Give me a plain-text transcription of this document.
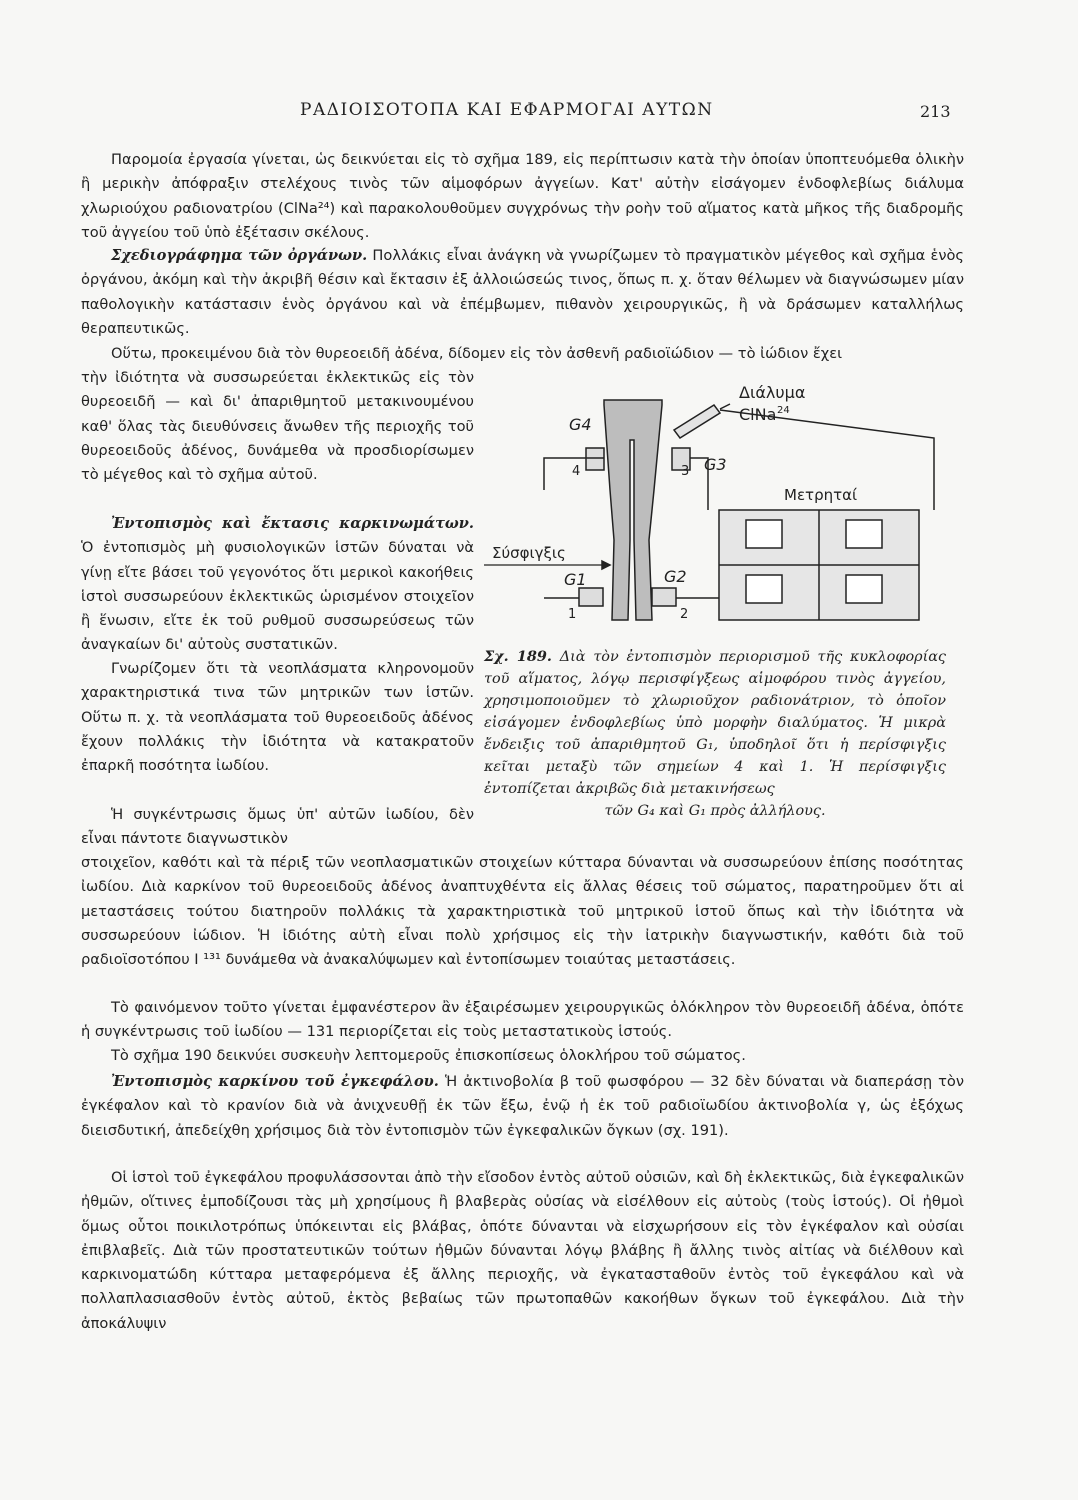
ΡΑΔΙΟΙΣΟΤΟΠΑ ΚΑΙ ΕΦΑΡΜΟΓΑΙ ΑΥΤΩΝ	213

Παρομοία ἐργασία γίνεται, ὡς δεικνύεται εἰς τὸ σχῆμα 189, εἰς περίπτωσιν κατὰ τὴν ὁποίαν ὑποπτευόμεθα ὁλικὴν ἢ μερικὴν ἀπόφραξιν στελέχους τινὸς τῶν αἱμοφόρων ἀγγείων. Κατ' αὐτὴν εἰσάγομεν ἐνδοφλεβίως διάλυμα χλωριούχου ραδιονατρίου (ClNa²⁴) καὶ παρακολουθοῦμεν συγχρόνως τὴν ροὴν τοῦ αἵματος κατὰ μῆκος τῆς διαδρομῆς τοῦ ἀγγείου τοῦ ὑπὸ ἐξέτασιν σκέλους.

Σχεδιογράφημα τῶν ὀργάνων. Πολλάκις εἶναι ἀνάγκη νὰ γνωρίζωμεν τὸ πραγματικὸν μέγεθος καὶ σχῆμα ἑνὸς ὀργάνου, ἀκόμη καὶ τὴν ἀκριβῆ θέσιν καὶ ἔκτασιν ἐξ ἀλλοιώσεώς τινος, ὅπως π. χ. ὅταν θέλωμεν νὰ διαγνώσωμεν μίαν παθολογικὴν κατάστασιν ἑνὸς ὀργάνου καὶ νὰ ἐπέμβωμεν, πιθανὸν χειρουργικῶς, ἢ νὰ δράσωμεν καταλλήλως θεραπευτικῶς.

Οὕτω, προκειμένου διὰ τὸν θυρεοειδῆ ἀδένα, δίδομεν εἰς τὸν ἀσθενῆ ραδιοϊώδιον — τὸ ἰώδιον ἔχει

τὴν ἰδιότητα νὰ συσσωρεύεται ἐκλεκτικῶς εἰς τὸν θυρεοειδῆ — καὶ δι' ἀπαριθμητοῦ μετακινουμένου καθ' ὅλας τὰς διευθύνσεις ἄνωθεν τῆς περιοχῆς τοῦ θυρεοειδοῦς ἀδένος, δυνάμεθα νὰ προσδιορίσωμεν τὸ μέγεθος καὶ τὸ σχῆμα αὐτοῦ.

Ἐντοπισμὸς καὶ ἔκτασις καρκινωμάτων. Ὁ ἐντοπισμὸς μὴ φυσιολογικῶν ἱστῶν δύναται νὰ γίνῃ εἴτε βάσει τοῦ γεγονότος ὅτι μερικοὶ κακοήθεις ἱστοὶ συσσωρεύουν ἐκλεκτικῶς ὡρισμένον στοιχεῖον ἢ ἕνωσιν, εἴτε ἐκ τοῦ ρυθμοῦ συσσωρεύσεως τῶν ἀναγκαίων δι' αὐτοὺς συστατικῶν.

Γνωρίζομεν ὅτι τὰ νεοπλάσματα κληρονομοῦν χαρακτηριστικά τινα τῶν μητρικῶν των ἱστῶν. Οὕτω π. χ. τὰ νεοπλάσματα τοῦ θυρεοειδοῦς ἀδένος ἔχουν πολλάκις τὴν ἰδιότητα νὰ κατακρατοῦν ἐπαρκῆ ποσότητα ἰωδίου.

Ἡ συγκέντρωσις ὅμως ὑπ' αὐτῶν ἰωδίου, δὲν εἶναι πάντοτε διαγνωστικὸν

στοιχεῖον, καθότι καὶ τὰ πέριξ τῶν νεοπλασματικῶν στοιχείων κύτταρα δύνανται νὰ συσσωρεύουν ἐπίσης ποσότητας ἰωδίου. Διὰ καρκίνον τοῦ θυρεοειδοῦς ἀδένος ἀναπτυχθέντα εἰς ἄλλας θέσεις τοῦ σώματος, παρατηροῦμεν ὅτι αἱ μεταστάσεις τούτου διατηροῦν πολλάκις τὰ χαρακτηριστικὰ τοῦ μητρικοῦ ἱστοῦ ὅπως καὶ τὴν ἰδιότητα νὰ συσσωρεύουν ἰώδιον. Ἡ ἰδιότης αὐτὴ εἶναι πολὺ χρήσιμος εἰς τὴν ἰατρικὴν διαγνωστικήν, καθότι διὰ τοῦ ραδιοϊσοτόπου I ¹³¹ δυνάμεθα νὰ ἀνακαλύψωμεν καὶ ἐντοπίσωμεν τοιαύτας μεταστάσεις.

Τὸ φαινόμενον τοῦτο γίνεται ἐμφανέστερον ἂν ἐξαιρέσωμεν χειρουργικῶς ὁλόκληρον τὸν θυρεοειδῆ ἀδένα, ὁπότε ἡ συγκέντρωσις τοῦ ἰωδίου — 131 περιορίζεται εἰς τοὺς μεταστατικοὺς ἱστούς.

Τὸ σχῆμα 190 δεικνύει συσκευὴν λεπτομεροῦς ἐπισκοπίσεως ὁλοκλήρου τοῦ σώματος.

Ἐντοπισμὸς καρκίνου τοῦ ἐγκεφάλου. Ἡ ἀκτινοβολία β τοῦ φωσφόρου — 32 δὲν δύναται νὰ διαπεράσῃ τὸν ἐγκέφαλον καὶ τὸ κρανίον διὰ νὰ ἀνιχνευθῇ ἐκ τῶν ἔξω, ἐνῷ ἡ ἐκ τοῦ ραδιοϊωδίου ἀκτινοβολία γ, ὡς ἐξόχως διεισδυτική, ἀπεδείχθη χρήσιμος διὰ τὸν ἐντοπισμὸν τῶν ἐγκεφαλικῶν ὄγκων (σχ. 191).

Οἱ ἱστοὶ τοῦ ἐγκεφάλου προφυλάσσονται ἀπὸ τὴν εἴσοδον ἐντὸς αὐτοῦ οὐσιῶν, καὶ δὴ ἐκλεκτικῶς, διὰ ἐγκεφαλικῶν ἠθμῶν, οἵτινες ἐμποδίζουσι τὰς μὴ χρησίμους ἢ βλαβερὰς οὐσίας νὰ εἰσέλθουν εἰς αὐτοὺς (τοὺς ἱστούς). Οἱ ἠθμοὶ ὅμως οὗτοι ποικιλοτρόπως ὑπόκεινται εἰς βλάβας, ὁπότε δύνανται νὰ εἰσχωρήσουν εἰς τὸν ἐγκέφαλον καὶ οὐσίαι ἐπιβλαβεῖς. Διὰ τῶν προστατευτικῶν τούτων ἠθμῶν δύνανται λόγῳ βλάβης ἢ ἄλλης τινὸς αἰτίας νὰ διέλθουν καὶ καρκινοματώδη κύτταρα μεταφερόμενα ἐξ ἄλλης περιοχῆς, νὰ ἐγκατασταθοῦν ἐντὸς τοῦ ἐγκεφάλου καὶ νὰ πολλαπλασιασθοῦν ἐντὸς αὐτοῦ, ἐκτὸς βεβαίως τῶν πρωτοπαθῶν κακοήθων ὄγκων τοῦ ἐγκεφάλου. Διὰ τὴν ἀποκάλυψιν

Διάλυμα
ClNa 24
Μετρηταί
Σύσφιγξις
G4
G3
G1	G2
4	3
1	2
Σχ. 189. Διὰ τὸν ἐντοπισμὸν περιορισμοῦ τῆς κυκλοφορίας τοῦ αἵματος, λόγῳ περισφίγξεως αἱμοφόρου τινὸς ἀγγείου, χρησιμοποιοῦμεν τὸ χλωριοῦχον ραδιονάτριον, τὸ ὁποῖον εἰσάγομεν ἐνδοφλεβίως ὑπὸ μορφὴν διαλύματος. Ἡ μικρὰ ἔνδειξις τοῦ ἀπαριθμητοῦ G₁, ὑποδηλοῖ ὅτι ἡ περίσφιγξις κεῖται μεταξὺ τῶν σημείων 4 καὶ 1. Ἡ περίσφιγξις ἐντοπίζεται ἀκριβῶς διὰ μετακινήσεως
τῶν G₄ καὶ G₁ πρὸς ἀλλήλους.
